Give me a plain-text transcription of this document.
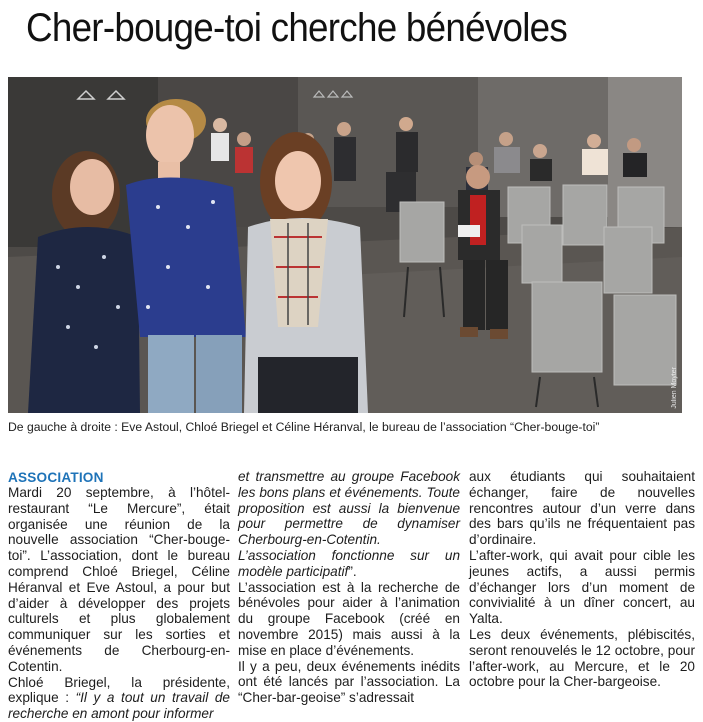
Cher-bouge-toi cherche bénévoles
Julien Moyter
De gauche à droite : Eve Astoul, Chloé Briegel et Céline Héranval, le bureau de l’association “Cher-bouge-toi”
ASSOCIATION

Mardi 20 septembre, à l’hôtel-restaurant “Le Mercure”, était organisée une réunion de la nouvelle association “Cher-bouge-toi”. L’association, dont le bureau comprend Chloé Briegel, Céline Héranval et Eve Astoul, a pour but d’aider à développer des projets culturels et plus globalement communiquer sur les sorties et événements de Cherbourg-en-Cotentin.

Chloé Briegel, la présidente, explique : “Il y a tout un travail de recherche en amont pour informer

et transmettre au groupe Facebook les bons plans et événements. Toute proposition est aussi la bienvenue pour permettre de dynamiser Cherbourg-en-Cotentin. L’association fonctionne sur un modèle participatif”.

L’association est à la recherche de bénévoles pour aider à l’animation du groupe Facebook (créé en novembre 2015) mais aussi à la mise en place d’événements.

Il y a peu, deux événements inédits ont été lancés par l’association. La “Cher-bar-geoise” s’adressait

aux étudiants qui souhaitaient échanger, faire de nouvelles rencontres autour d’un verre dans des bars qu’ils ne fréquentaient pas d’ordinaire.

L’after-work, qui avait pour cible les jeunes actifs, a aussi permis d’échanger lors d’un moment de convivialité à un dîner concert, au Yalta.

Les deux événements, plébiscités, seront renouvelés le 12 octobre, pour l’after-work, au Mercure, et le 20 octobre pour la Cher-bargeoise.
